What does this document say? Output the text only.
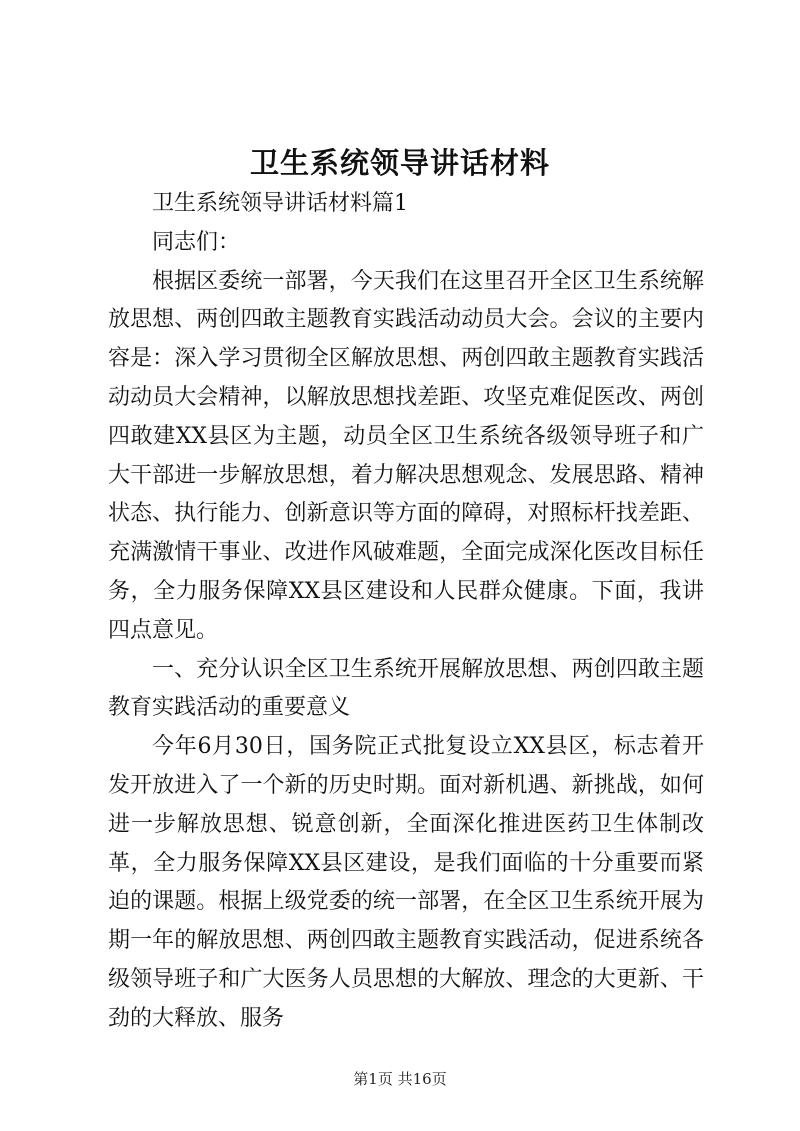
卫生系统领导讲话材料

卫生系统领导讲话材料篇1

同志们：

根据区委统一部署，今天我们在这里召开全区卫生系统解放思想、两创四敢主题教育实践活动动员大会。会议的主要内容是：深入学习贯彻全区解放思想、两创四敢主题教育实践活动动员大会精神，以解放思想找差距、攻坚克难促医改、两创四敢建XX县区为主题，动员全区卫生系统各级领导班子和广大干部进一步解放思想，着力解决思想观念、发展思路、精神状态、执行能力、创新意识等方面的障碍，对照标杆找差距、充满激情干事业、改进作风破难题，全面完成深化医改目标任务，全力服务保障XX县区建设和人民群众健康。下面，我讲四点意见。

一、充分认识全区卫生系统开展解放思想、两创四敢主题教育实践活动的重要意义

今年6月30日，国务院正式批复设立XX县区，标志着开发开放进入了一个新的历史时期。面对新机遇、新挑战，如何进一步解放思想、锐意创新，全面深化推进医药卫生体制改革，全力服务保障XX县区建设，是我们面临的十分重要而紧迫的课题。根据上级党委的统一部署，在全区卫生系统开展为期一年的解放思想、两创四敢主题教育实践活动，促进系统各级领导班子和广大医务人员思想的大解放、理念的大更新、干劲的大释放、服务

第1页 共16页
